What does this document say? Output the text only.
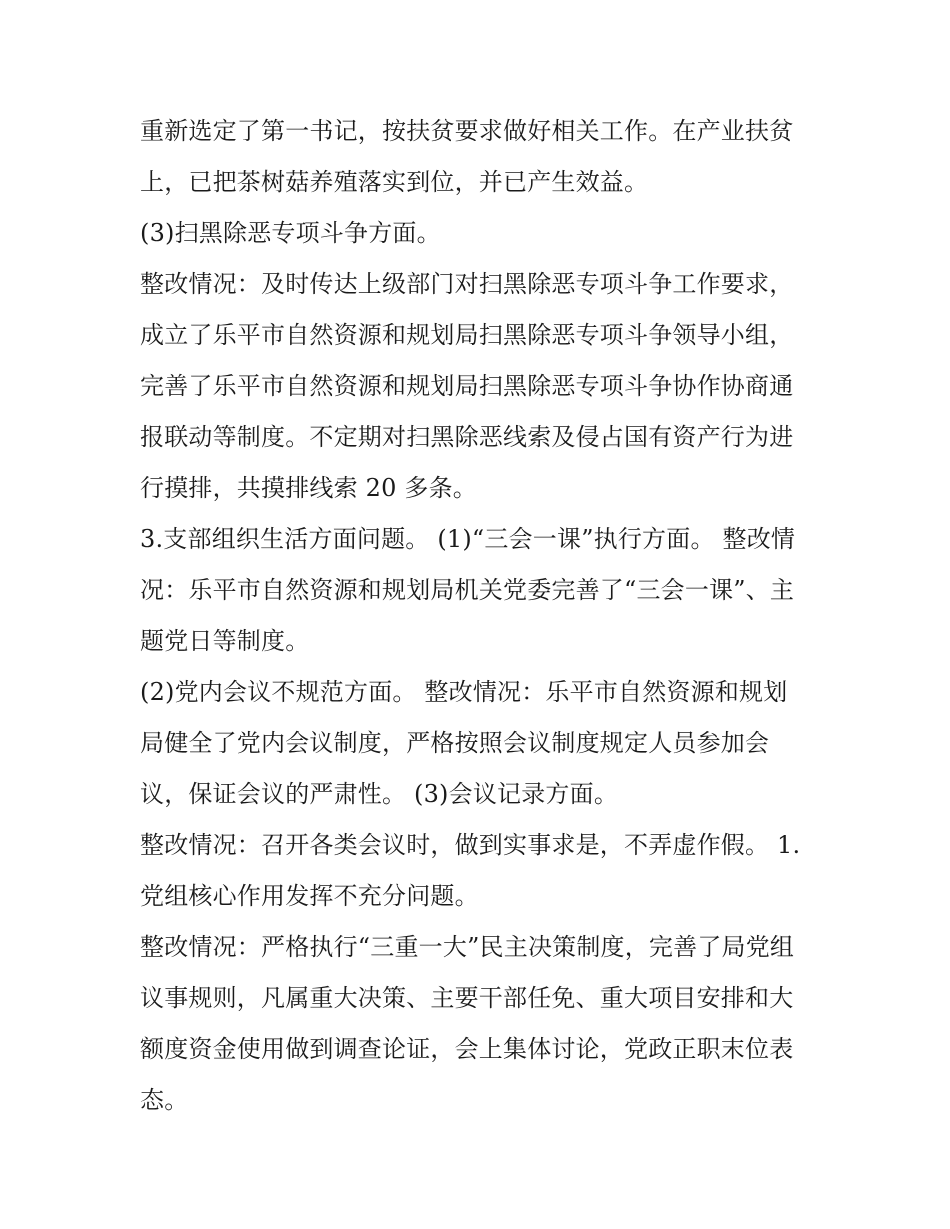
重新选定了第一书记，按扶贫要求做好相关工作。在产业扶贫
上，已把茶树菇养殖落实到位，并已产生效益。
(3)扫黑除恶专项斗争方面。
整改情况：及时传达上级部门对扫黑除恶专项斗争工作要求，
成立了乐平市自然资源和规划局扫黑除恶专项斗争领导小组，
完善了乐平市自然资源和规划局扫黑除恶专项斗争协作协商通
报联动等制度。不定期对扫黑除恶线索及侵占国有资产行为进
行摸排，共摸排线索 20 多条。
3.支部组织生活方面问题。 (1)“三会一课”执行方面。 整改情
况：乐平市自然资源和规划局机关党委完善了“三会一课”、主
题党日等制度。
(2)党内会议不规范方面。 整改情况：乐平市自然资源和规划
局健全了党内会议制度，严格按照会议制度规定人员参加会
议，保证会议的严肃性。 (3)会议记录方面。
整改情况：召开各类会议时，做到实事求是，不弄虚作假。 1.
党组核心作用发挥不充分问题。
整改情况：严格执行“三重一大”民主决策制度，完善了局党组
议事规则，凡属重大决策、主要干部任免、重大项目安排和大
额度资金使用做到调查论证，会上集体讨论，党政正职末位表
态。
